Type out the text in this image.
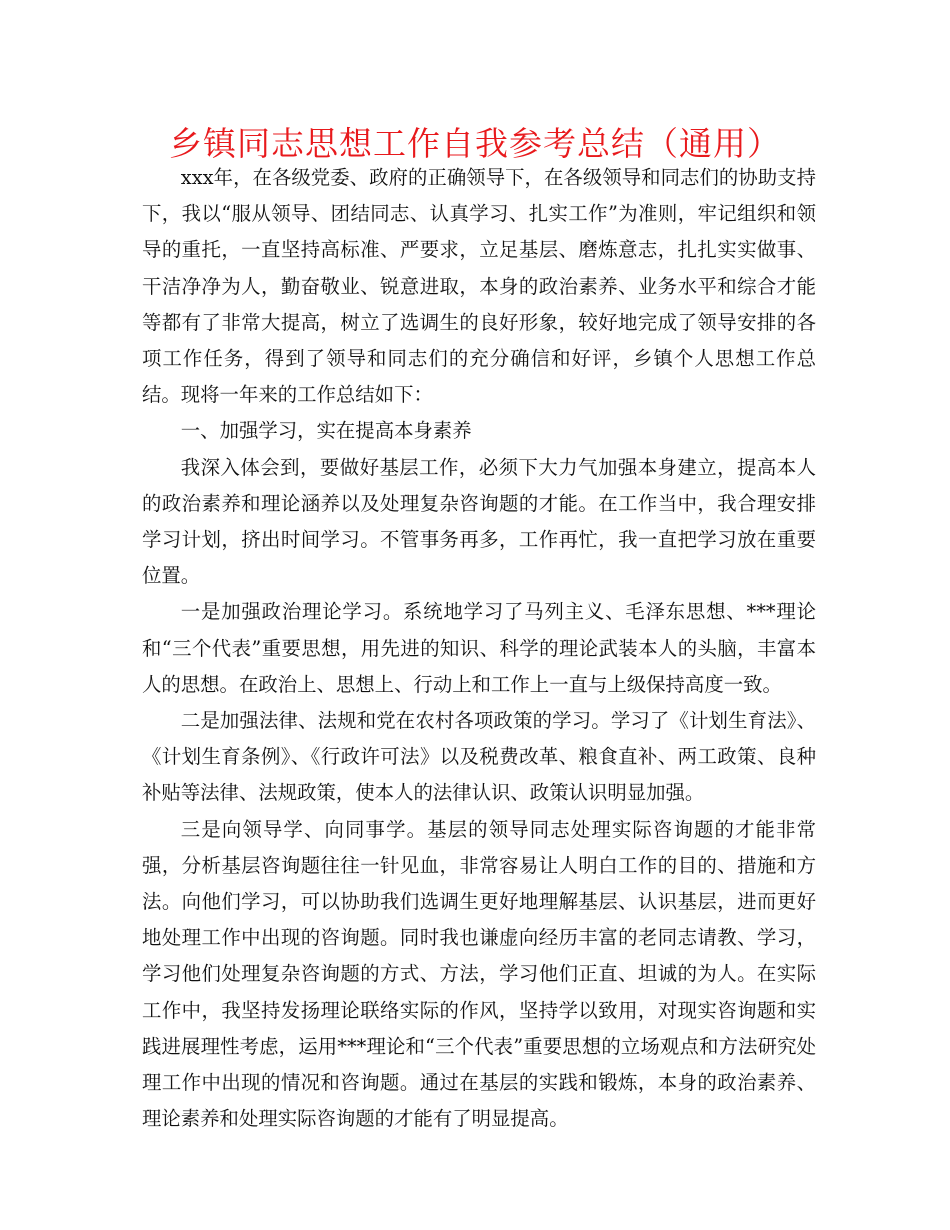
乡镇同志思想工作自我参考总结（通用）

xxx年，在各级党委、政府的正确领导下，在各级领导和同志们的协助支持下，我以“服从领导、团结同志、认真学习、扎实工作”为准则，牢记组织和领导的重托，一直坚持高标准、严要求，立足基层、磨炼意志，扎扎实实做事、干洁净净为人，勤奋敬业、锐意进取，本身的政治素养、业务水平和综合才能等都有了非常大提高，树立了选调生的良好形象，较好地完成了领导安排的各项工作任务，得到了领导和同志们的充分确信和好评，乡镇个人思想工作总结。现将一年来的工作总结如下：

一、加强学习，实在提高本身素养

我深入体会到，要做好基层工作，必须下大力气加强本身建立，提高本人的政治素养和理论涵养以及处理复杂咨询题的才能。在工作当中，我合理安排学习计划，挤出时间学习。不管事务再多，工作再忙，我一直把学习放在重要位置。

一是加强政治理论学习。系统地学习了马列主义、毛泽东思想、***理论和“三个代表”重要思想，用先进的知识、科学的理论武装本人的头脑，丰富本人的思想。在政治上、思想上、行动上和工作上一直与上级保持高度一致。

二是加强法律、法规和党在农村各项政策的学习。学习了《计划生育法》、《计划生育条例》、《行政许可法》以及税费改革、粮食直补、两工政策、良种补贴等法律、法规政策，使本人的法律认识、政策认识明显加强。

三是向领导学、向同事学。基层的领导同志处理实际咨询题的才能非常强，分析基层咨询题往往一针见血，非常容易让人明白工作的目的、措施和方法。向他们学习，可以协助我们选调生更好地理解基层、认识基层，进而更好地处理工作中出现的咨询题。同时我也谦虚向经历丰富的老同志请教、学习，学习他们处理复杂咨询题的方式、方法，学习他们正直、坦诚的为人。在实际工作中，我坚持发扬理论联络实际的作风，坚持学以致用，对现实咨询题和实践进展理性考虑，运用***理论和“三个代表”重要思想的立场观点和方法研究处理工作中出现的情况和咨询题。通过在基层的实践和锻炼，本身的政治素养、理论素养和处理实际咨询题的才能有了明显提高。
